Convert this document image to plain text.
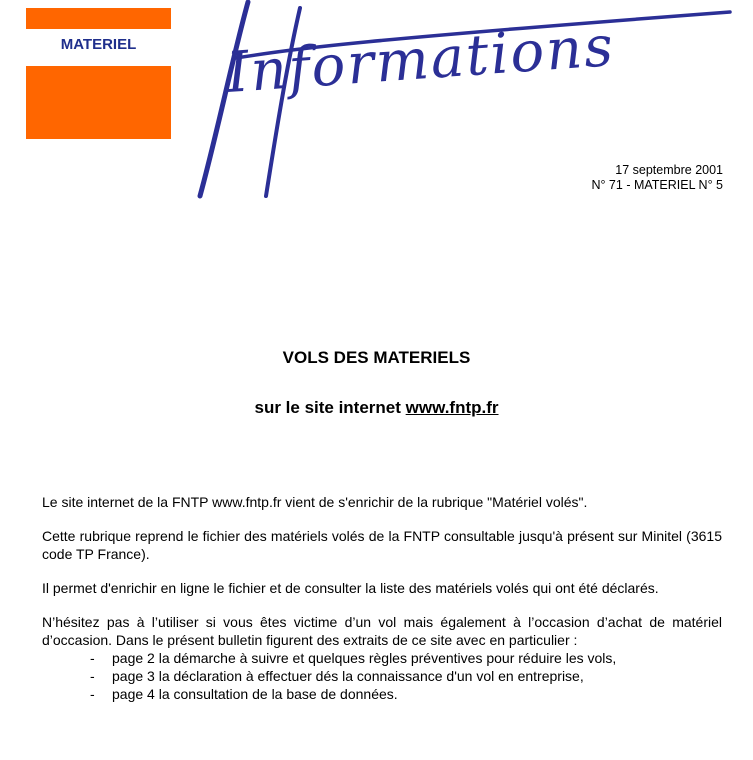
MATERIEL	Informations
17 septembre 2001
N° 71 - MATERIEL N° 5
VOLS DES MATERIELS
sur le site internet www.fntp.fr

Le site internet de la FNTP www.fntp.fr vient de s'enrichir de la rubrique "Matériel volés".

Cette rubrique reprend le fichier des matériels volés de la FNTP consultable jusqu'à présent sur Minitel (3615 code TP France).

Il permet d'enrichir en ligne le fichier et de consulter la liste des matériels volés qui ont été déclarés.

N’hésitez pas à l’utiliser si vous êtes victime d’un vol mais également à l’occasion d’achat de matériel d’occasion. Dans le présent bulletin figurent des extraits de ce site avec en particulier :

- page 2 la démarche à suivre et quelques règles préventives pour réduire les vols,
- page 3 la déclaration à effectuer dés la connaissance d'un vol en entreprise,
- page 4 la consultation de la base de données.
